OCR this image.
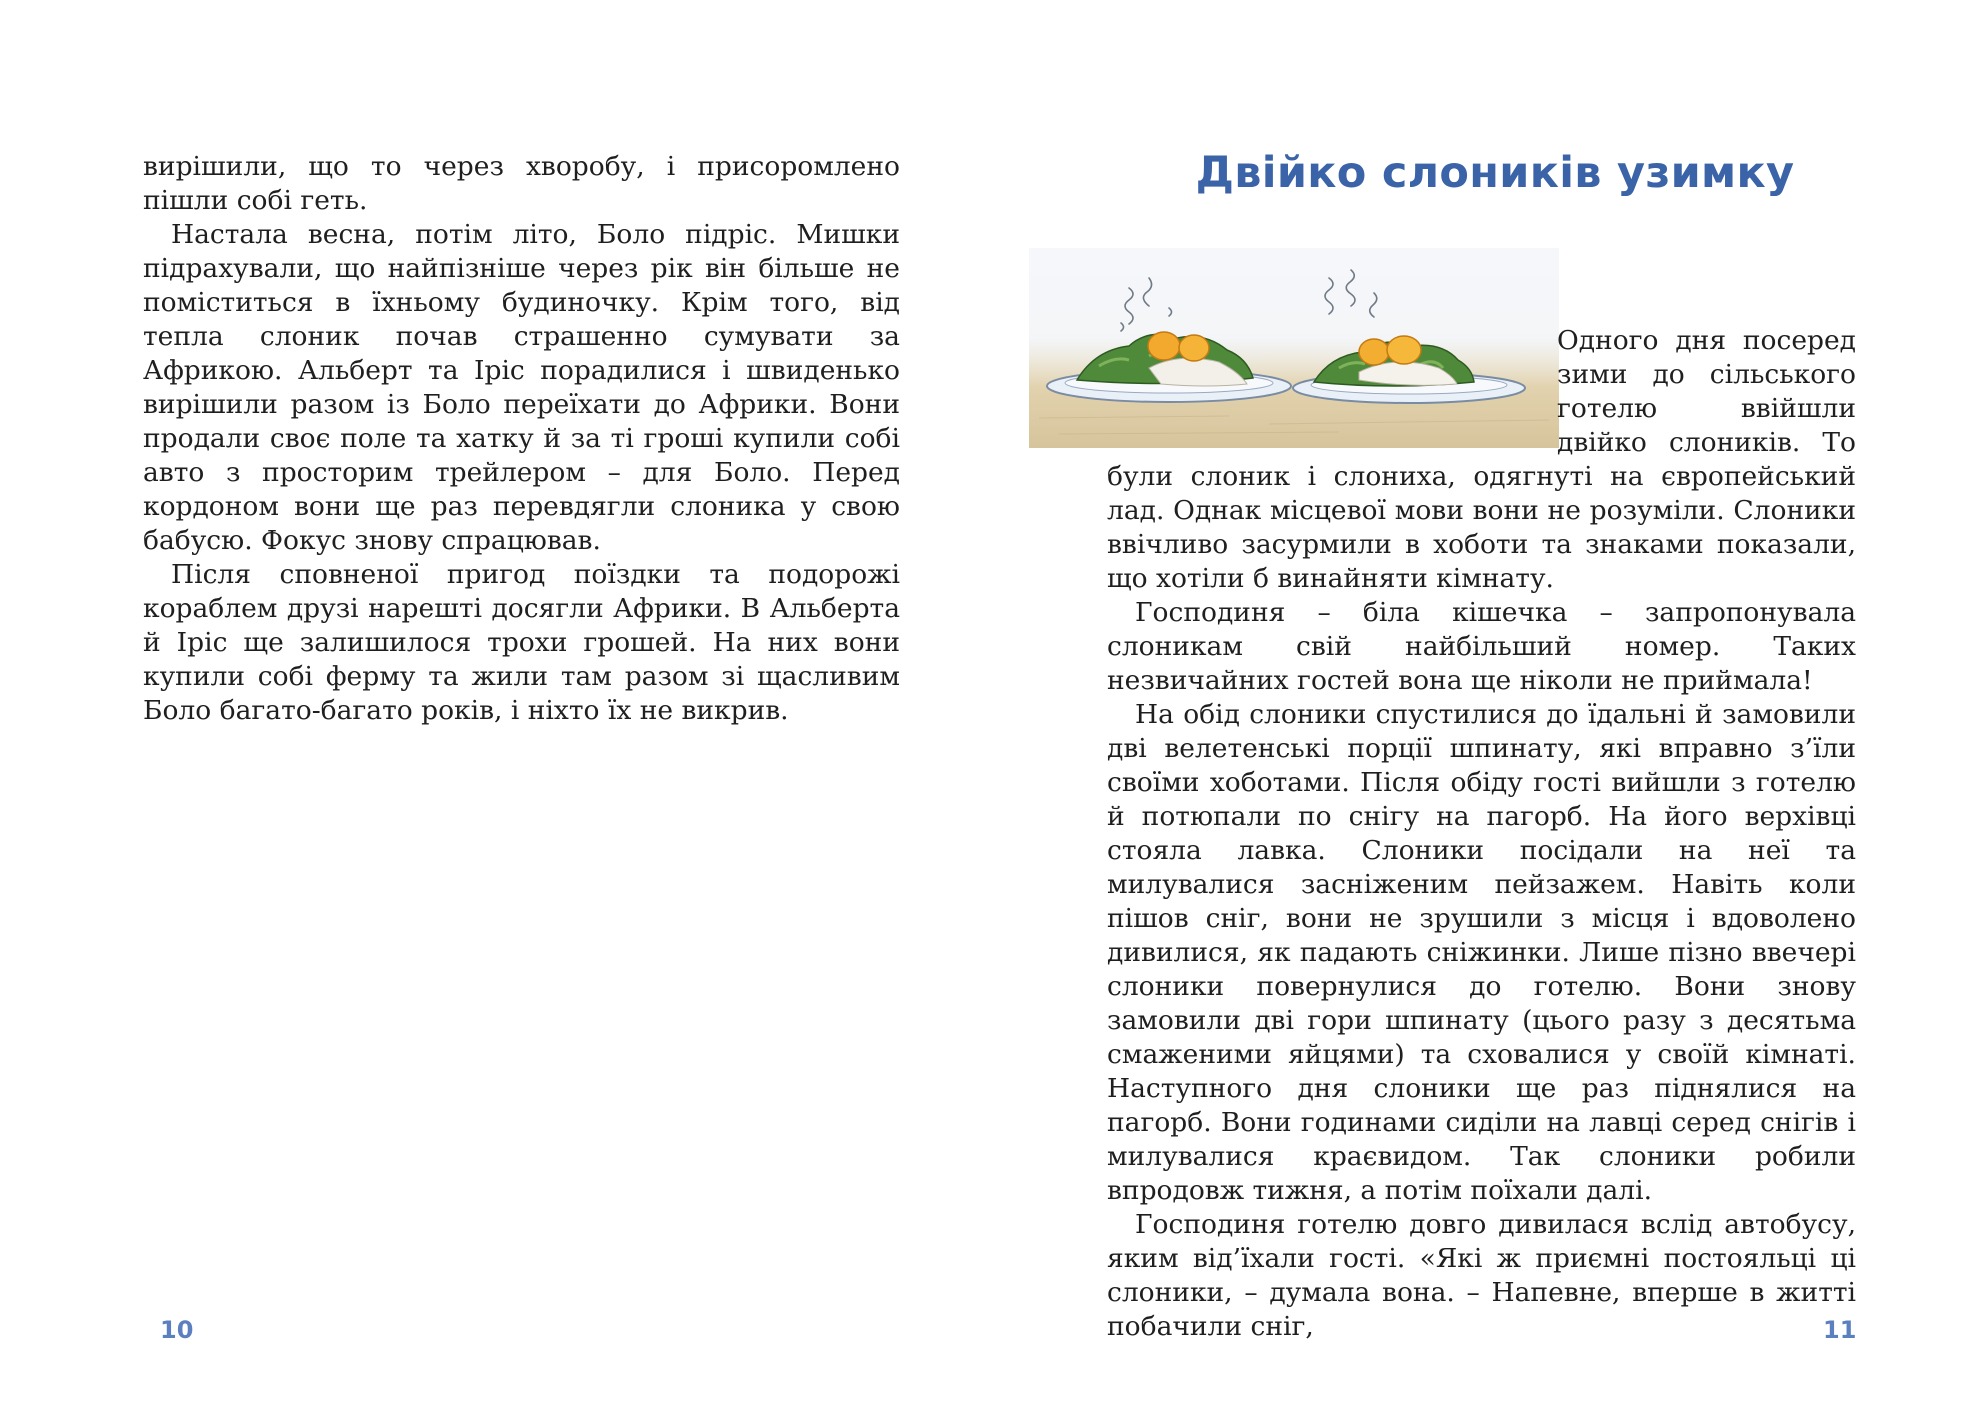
вирішили, що то через хворобу, і присоромлено пішли собі геть.

Настала весна, потім літо, Боло підріс. Мишки підрахували, що найпізніше через рік він більше не поміститься в їхньому будиночку. Крім того, від тепла слоник почав страшенно сумувати за Африкою. Альберт та Іріс порадилися і швиденько вирішили разом із Боло переїхати до Африки. Вони продали своє поле та хатку й за ті гроші купили собі авто з просторим трейлером – для Боло. Перед кордоном вони ще раз перевдягли слоника у свою бабусю. Фокус знову спрацював.

Після сповненої пригод поїздки та подорожі кораблем друзі нарешті досягли Африки. В Альберта й Іріс ще залишилося трохи грошей. На них вони купили собі ферму та жили там разом зі щасливим Боло багато-багато років, і ніхто їх не викрив.

10
Двійко слоників узимку

Одного дня посеред зими до сільського готелю ввійшли двійко слоників. То були слоник і слониха, одягнуті на європейський лад. Однак місцевої мови вони не розуміли. Слоники ввічливо засурмили в хоботи та знаками показали, що хотіли б винайняти кімнату.

Господиня – біла кішечка – запропонувала слоникам свій найбільший номер. Таких незвичайних гостей вона ще ніколи не приймала!

На обід слоники спустилися до їдальні й замовили дві велетенські порції шпинату, які вправно з’їли своїми хоботами. Після обіду гості вийшли з готелю й потюпали по снігу на пагорб. На його верхівці стояла лавка. Слоники посідали на неї та милувалися засніженим пейзажем. Навіть коли пішов сніг, вони не зрушили з місця і вдоволено дивилися, як падають сніжинки. Лише пізно ввечері слоники повернулися до готелю. Вони знову замовили дві гори шпинату (цього разу з десятьма смаженими яйцями) та сховалися у своїй кімнаті. Наступного дня слоники ще раз піднялися на пагорб. Вони годинами сиділи на лавці серед снігів і милувалися краєвидом. Так слоники робили впродовж тижня, а потім поїхали далі.

Господиня готелю довго дивилася вслід автобусу, яким від’їхали гості. «Які ж приємні постояльці ці слоники, – думала вона. – Напевне, вперше в житті побачили сніг,	11
